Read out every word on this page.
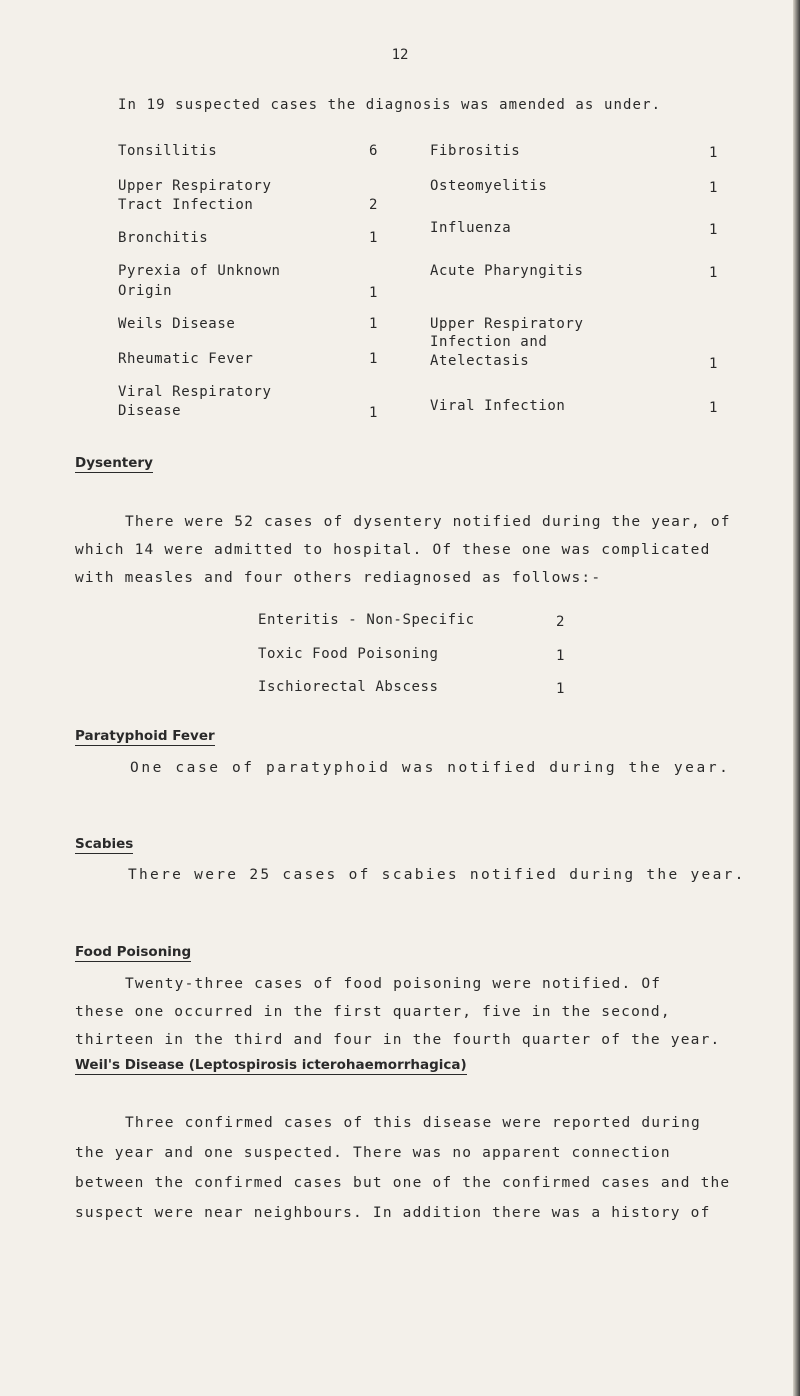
12
In 19 suspected cases the diagnosis was amended as under.
Tonsillitis	6
Upper Respiratory
Tract Infection	2
Bronchitis	1
Pyrexia of Unknown
Origin	1
Weils Disease	1
Rheumatic Fever	1
Viral Respiratory
Disease	1
Fibrositis	1
Osteomyelitis	1
Influenza	1
Acute Pharyngitis	1
Upper Respiratory
Infection and
Atelectasis	1
Viral Infection	1
Dysentery

There were 52 cases of dysentery notified during the year, of

which 14 were admitted to hospital. Of these one was complicated

with measles and four others rediagnosed as follows:-

Enteritis - Non-Specific	2
Toxic Food Poisoning	1
Ischiorectal Abscess	1
Paratyphoid Fever
One case of paratyphoid was notified during the year.
Scabies
There were 25 cases of scabies notified during the year.
Food Poisoning

Twenty-three cases of food poisoning were notified. Of

these one occurred in the first quarter, five in the second,

thirteen in the third and four in the fourth quarter of the year.

Weil's Disease (Leptospirosis icterohaemorrhagica)

Three confirmed cases of this disease were reported during

the year and one suspected. There was no apparent connection

between the confirmed cases but one of the confirmed cases and the

suspect were near neighbours. In addition there was a history of
